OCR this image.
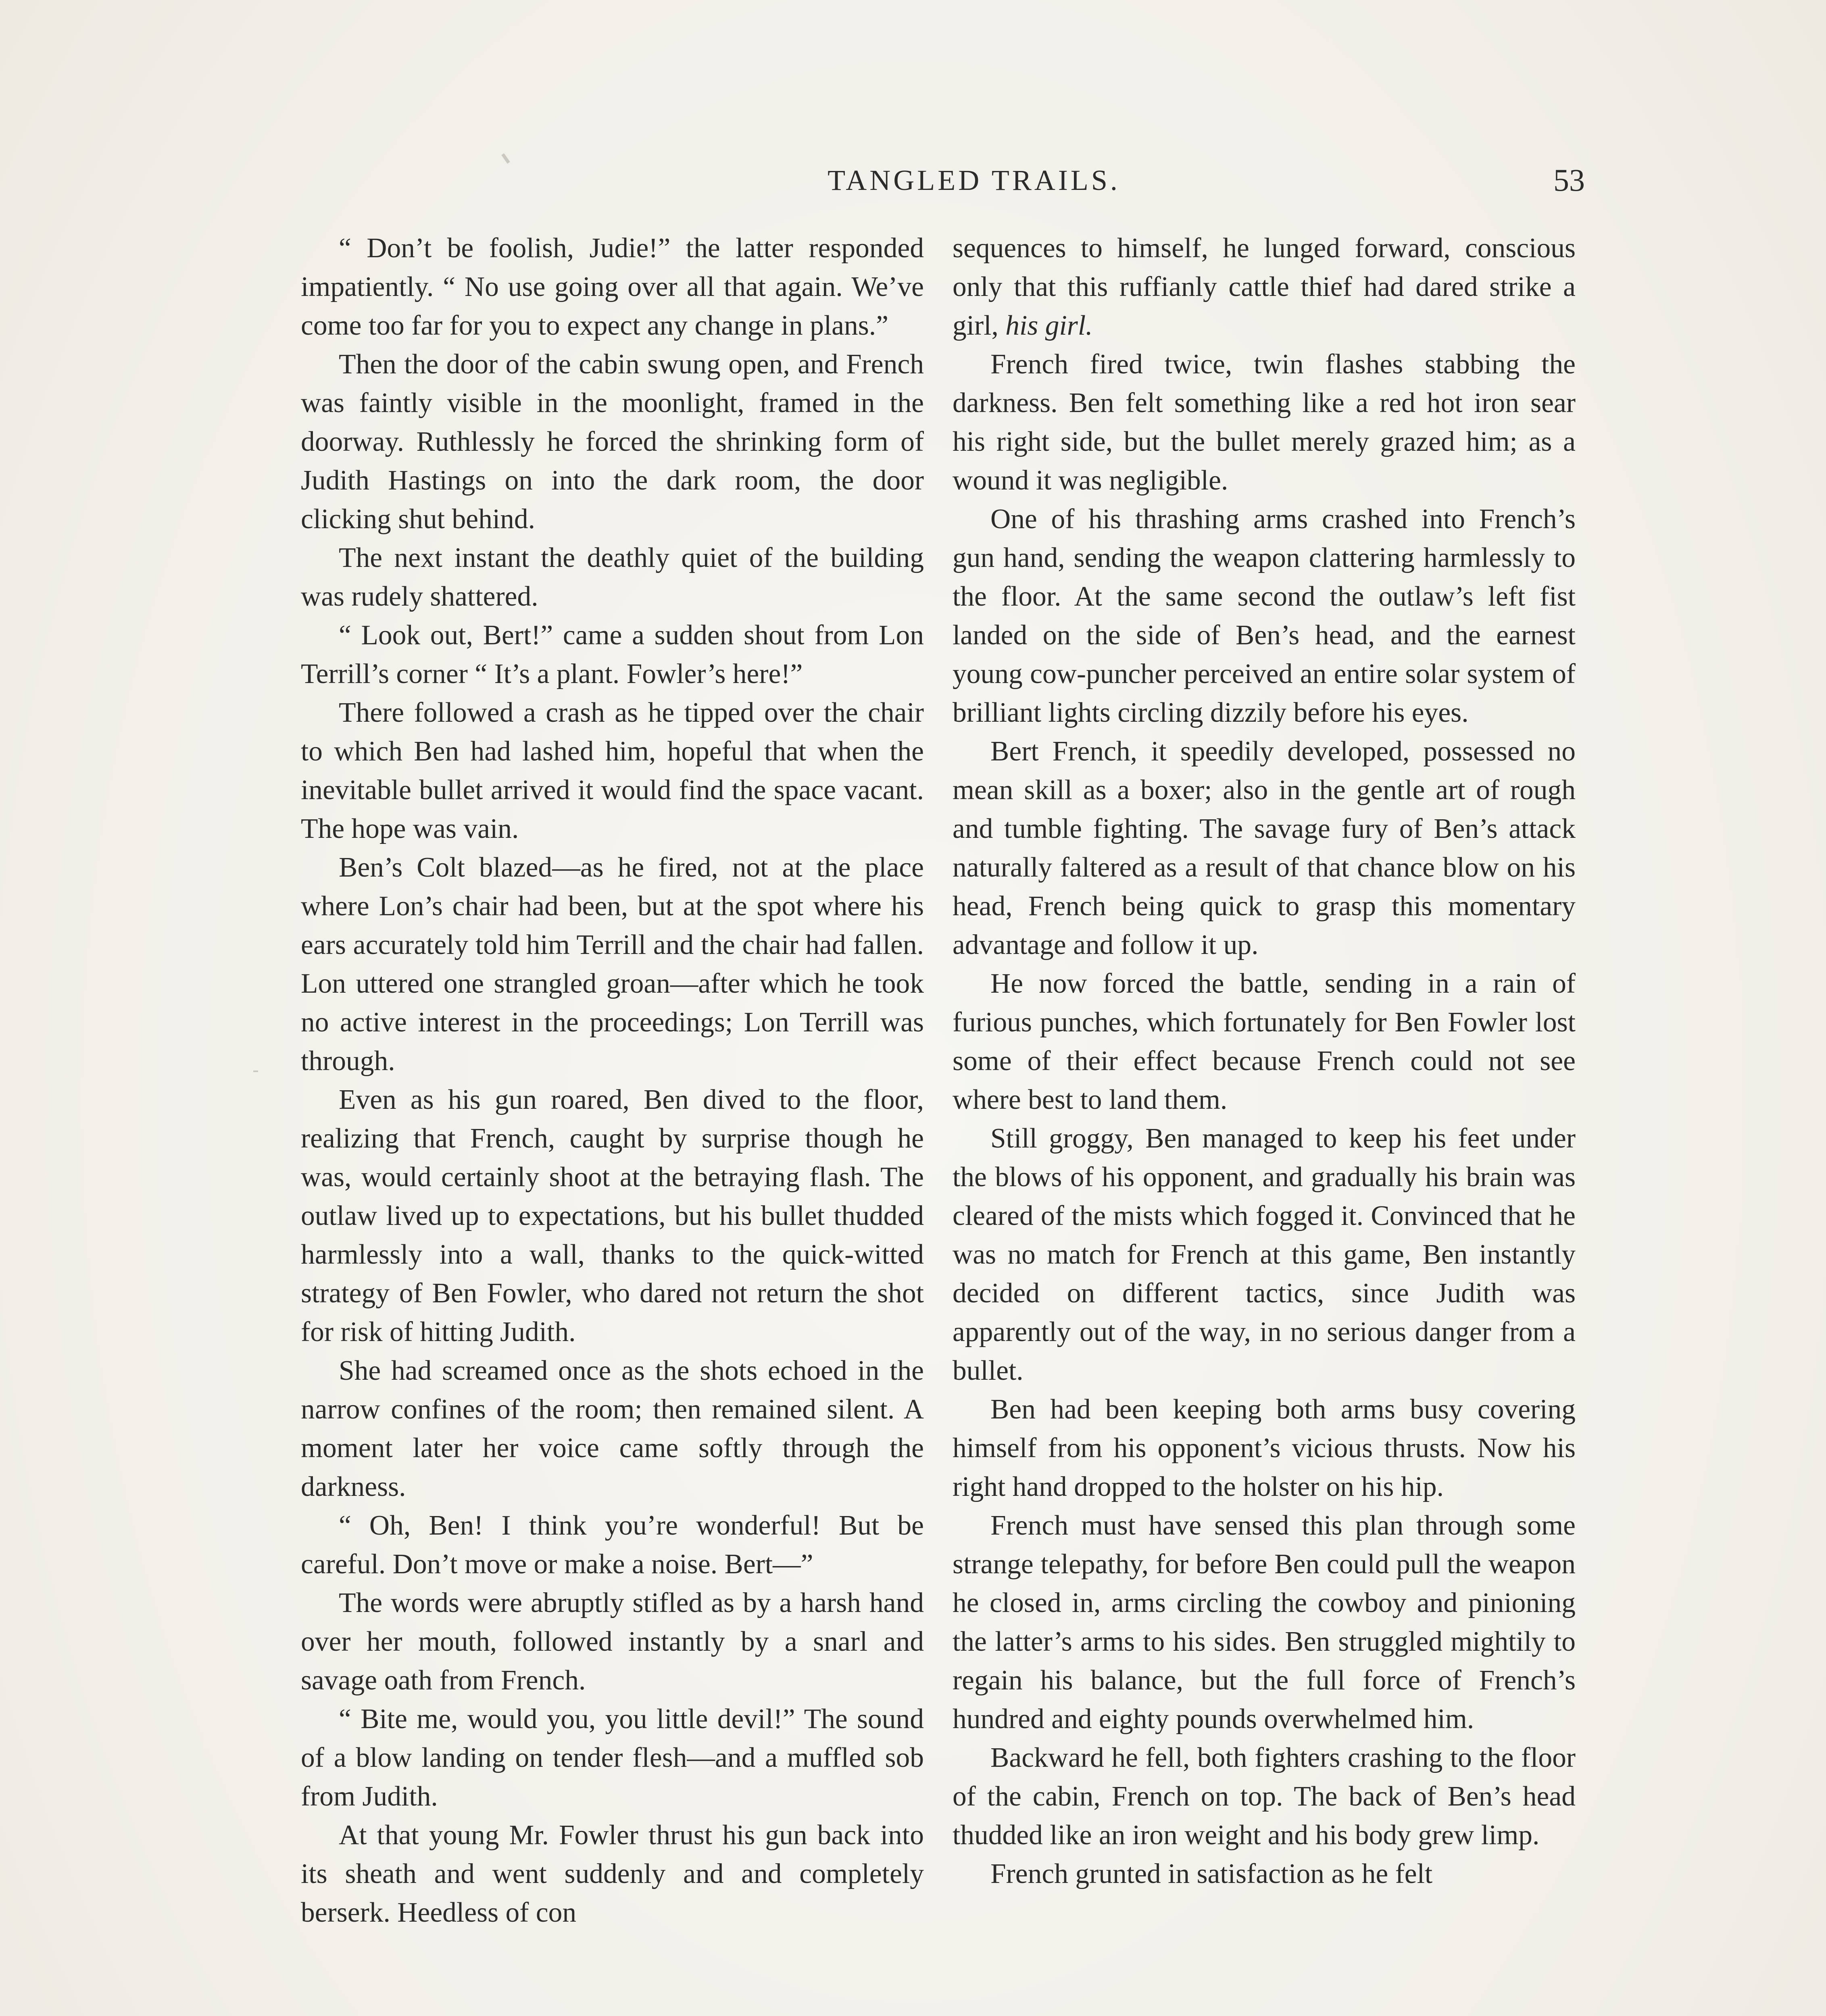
TANGLED TRAILS.	53

“ Don’t be foolish, Judie!” the latter responded impatiently. “ No use going over all that again. We’ve come too far for you to expect any change in plans.”

Then the door of the cabin swung open, and French was faintly visible in the moonlight, framed in the doorway. Ruthlessly he forced the shrinking form of Judith Hastings on into the dark room, the door clicking shut behind.

The next instant the deathly quiet of the building was rudely shattered.

“ Look out, Bert!” came a sudden shout from Lon Terrill’s corner “ It’s a plant. Fowler’s here!”

There followed a crash as he tipped over the chair to which Ben had lashed him, hopeful that when the inevitable bullet arrived it would find the space vacant. The hope was vain.

Ben’s Colt blazed—as he fired, not at the place where Lon’s chair had been, but at the spot where his ears accurately told him Terrill and the chair had fallen. Lon uttered one strangled groan—after which he took no active interest in the proceedings; Lon Terrill was through.

Even as his gun roared, Ben dived to the floor, realizing that French, caught by surprise though he was, would certainly shoot at the betraying flash. The outlaw lived up to expectations, but his bullet thudded harmlessly into a wall, thanks to the quick-witted strategy of Ben Fowler, who dared not return the shot for risk of hitting Judith.

She had screamed once as the shots echoed in the narrow confines of the room; then remained silent. A moment later her voice came softly through the darkness.

“ Oh, Ben! I think you’re wonderful! But be careful. Don’t move or make a noise. Bert—”

The words were abruptly stifled as by a harsh hand over her mouth, followed instantly by a snarl and savage oath from French.

“ Bite me, would you, you little devil!” The sound of a blow landing on tender flesh—and a muffled sob from Judith.

At that young Mr. Fowler thrust his gun back into its sheath and went suddenly and and completely berserk. Heedless of con

sequences to himself, he lunged forward, conscious only that this ruffianly cattle thief had dared strike a girl, his girl.

French fired twice, twin flashes stabbing the darkness. Ben felt something like a red hot iron sear his right side, but the bullet merely grazed him; as a wound it was negligible.

One of his thrashing arms crashed into French’s gun hand, sending the weapon clattering harmlessly to the floor. At the same second the outlaw’s left fist landed on the side of Ben’s head, and the earnest young cow-puncher perceived an entire solar system of brilliant lights circling dizzily before his eyes.

Bert French, it speedily developed, possessed no mean skill as a boxer; also in the gentle art of rough and tumble fighting. The savage fury of Ben’s attack naturally faltered as a result of that chance blow on his head, French being quick to grasp this momentary advantage and follow it up.

He now forced the battle, sending in a rain of furious punches, which fortunately for Ben Fowler lost some of their effect because French could not see where best to land them.

Still groggy, Ben managed to keep his feet under the blows of his opponent, and gradually his brain was cleared of the mists which fogged it. Convinced that he was no match for French at this game, Ben instantly decided on different tactics, since Judith was apparently out of the way, in no serious danger from a bullet.

Ben had been keeping both arms busy covering himself from his opponent’s vicious thrusts. Now his right hand dropped to the holster on his hip.

French must have sensed this plan through some strange telepathy, for before Ben could pull the weapon he closed in, arms circling the cowboy and pinioning the latter’s arms to his sides. Ben struggled mightily to regain his balance, but the full force of French’s hundred and eighty pounds overwhelmed him.

Backward he fell, both fighters crashing to the floor of the cabin, French on top. The back of Ben’s head thudded like an iron weight and his body grew limp.

French grunted in satisfaction as he felt
